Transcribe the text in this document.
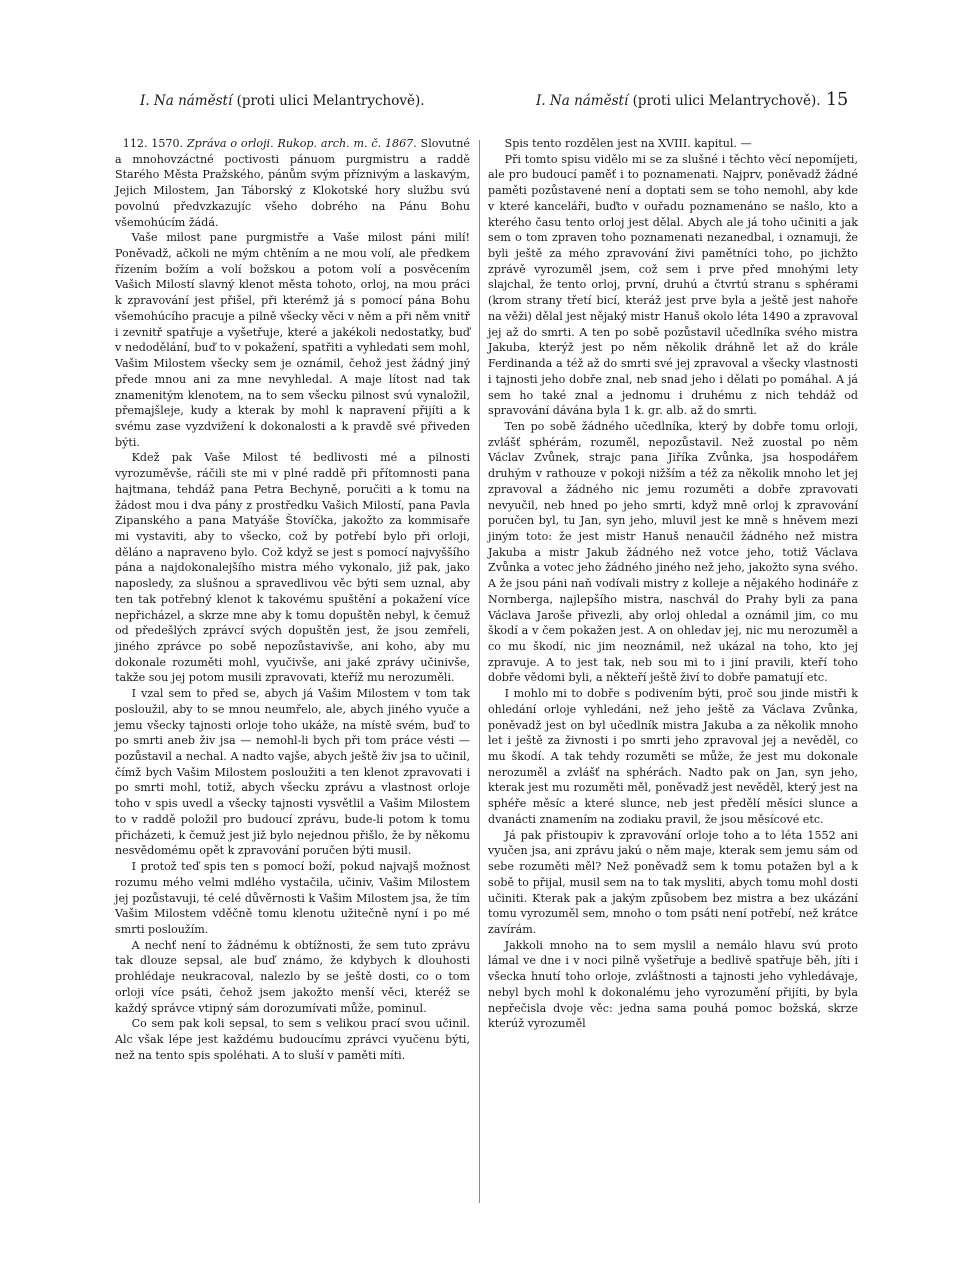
I. Na náměstí (proti ulici Melantrychově).	I. Na náměstí (proti ulici Melantrychově). 15

112. 1570. Zpráva o orloji. Rukop. arch. m. č. 1867. Slovutné a mnohovzáctné poctivosti pánuom purgmistru a raddě Starého Města Pražského, pánům svým příznivým a laskavým, Jejich Milostem, Jan Táborský z Klokotské hory službu svú povolnú předvzkazujíc všeho dobrého na Pánu Bohu všemohúcím žádá.

Vaše milost pane purgmistře a Vaše milost páni milí! Poněvadž, ačkoli ne mým chtěním a ne mou volí, ale předkem řízením božím a volí božskou a potom volí a posvěcením Vašich Milostí slavný klenot města tohoto, orloj, na mou práci k zpravování jest přišel, při kterémž já s pomocí pána Bohu všemohúcího pracuje a pilně všecky věci v něm a při něm vnitř i zevnitř spatřuje a vyšetřuje, které a jakékoli nedostatky, buď v nedodělání, buď to v pokažení, spatřiti a vyhledati sem mohl, Vašim Milostem všecky sem je oznámil, čehož jest žádný jiný přede mnou ani za mne nevyhledal. A maje lítost nad tak znamenitým klenotem, na to sem všecku pilnost svú vynaložil, přemajšleje, kudy a kterak by mohl k napravení přijíti a k svému zase vyzdvižení k dokonalosti a k pravdě své přiveden býti.

Kdež pak Vaše Milost té bedlivosti mé a pilnosti vyrozuměvše, ráčili ste mi v plné raddě při přítomnosti pana hajtmana, tehdáž pana Petra Bechyně, poručiti a k tomu na žádost mou i dva pány z prostředku Vašich Milostí, pana Pavla Zipanského a pana Matyáše Štovíčka, jakožto za kommisaře mi vystaviti, aby to všecko, což by potřebí bylo při orloji, děláno a napraveno bylo. Což když se jest s pomocí najvyššího pána a najdokonalejšího mistra mého vykonalo, již pak, jako naposledy, za slušnou a spravedlivou věc býti sem uznal, aby ten tak potřebný klenot k takovému spuštění a pokažení více nepřicházel, a skrze mne aby k tomu dopuštěn nebyl, k čemuž od předešlých zprávcí svých dopuštěn jest, že jsou zemřeli, jiného zprávce po sobě nepozůstavivše, ani koho, aby mu dokonale rozuměti mohl, vyučivše, ani jaké zprávy učinivše, takže sou jej potom musili zpravovati, kteříž mu nerozuměli.

I vzal sem to před se, abych já Vašim Milostem v tom tak posloužil, aby to se mnou neumřelo, ale, abych jiného vyuče a jemu všecky tajnosti orloje toho ukáže, na místě svém, buď to po smrti aneb živ jsa — nemohl-li bych při tom práce vésti — pozůstavil a nechal. A nadto vajše, abych ještě živ jsa to učinil, čímž bych Vašim Milostem posloužiti a ten klenot zpravovati i po smrti mohl, totiž, abych všecku zprávu a vlastnost orloje toho v spis uvedl a všecky tajnosti vysvětlil a Vašim Milostem to v raddě položil pro budoucí zprávu, bude-li potom k tomu přicházeti, k čemuž jest již bylo nejednou přišlo, že by někomu nesvědomému opět k zpravování poručen býti musil.

I protož teď spis ten s pomocí boží, pokud najvajš možnost rozumu mého velmi mdlého vystačila, učiniv, Vašim Milostem jej pozůstavuji, té celé důvěrnosti k Vašim Milostem jsa, že tím Vašim Milostem vděčně tomu klenotu užitečně nyní i po mé smrti posloužím.

A nechť není to žádnému k obtížnosti, že sem tuto zprávu tak dlouze sepsal, ale buď známo, že kdybych k dlouhosti prohlédaje neukracoval, nalezlo by se ještě dosti, co o tom orloji více psáti, čehož jsem jakožto menší věci, kteréž se každý správce vtipný sám dorozumívati může, pominul.

Co sem pak koli sepsal, to sem s velikou prací svou učinil. Alc však lépe jest každému budoucímu zprávci vyučenu býti, než na tento spis spoléhati. A to sluší v paměti míti.

Spis tento rozdělen jest na XVIII. kapitul. —

Při tomto spisu vidělo mi se za slušné i těchto věcí nepomíjeti, ale pro budoucí paměť i to poznamenati. Najprv, poněvadž žádné paměti pozůstavené není a doptati sem se toho nemohl, aby kde v které kanceláři, buďto v ouřadu poznamenáno se našlo, kto a kterého času tento orloj jest dělal. Abych ale já toho učiniti a jak sem o tom zpraven toho poznamenati nezanedbal, i oznamuji, že byli ještě za mého zpravování živi pamětníci toho, po jichžto zprávě vyrozuměl jsem, což sem i prve před mnohými lety slajchal, že tento orloj, první, druhú a čtvrtú stranu s sphérami (krom strany třetí bicí, kteráž jest prve byla a ještě jest nahoře na věži) dělal jest nějaký mistr Hanuš okolo léta 1490 a zpravoval jej až do smrti. A ten po sobě pozůstavil učedlníka svého mistra Jakuba, kterýž jest po něm několik dráhně let až do krále Ferdinanda a též až do smrti své jej zpravoval a všecky vlastnosti i tajnosti jeho dobře znal, neb snad jeho i dělati po pomáhal. A já sem ho také znal a jednomu i druhému z nich tehdáž od spravování dávána byla 1 k. gr. alb. až do smrti.

Ten po sobě žádného učedlníka, který by dobře tomu orloji, zvlášť sphérám, rozuměl, nepozůstavil. Než zuostal po něm Václav Zvůnek, strajc pana Jiříka Zvůnka, jsa hospodářem druhým v rathouze v pokoji nižším a též za několik mnoho let jej zpravoval a žádného nic jemu rozuměti a dobře zpravovati nevyučil, neb hned po jeho smrti, když mně orloj k zpravování poručen byl, tu Jan, syn jeho, mluvil jest ke mně s hněvem mezi jiným toto: že jest mistr Hanuš nenaučil žádného než mistra Jakuba a mistr Jakub žádného než votce jeho, totiž Václava Zvůnka a votec jeho žádného jiného než jeho, jakožto syna svého. A že jsou páni naň vodívali mistry z kolleje a nějakého hodináře z Nornberga, najlepšího mistra, naschvál do Prahy byli za pana Václava Jaroše přivezli, aby orloj ohledal a oznámil jim, co mu škodí a v čem pokažen jest. A on ohledav jej, nic mu nerozuměl a co mu škodí, nic jim neoznámil, než ukázal na toho, kto jej zpravuje. A to jest tak, neb sou mi to i jiní pravili, kteří toho dobře vědomi byli, a někteří ještě živí to dobře pamatují etc.

I mohlo mi to dobře s podivením býti, proč sou jinde mistři k ohledání orloje vyhledáni, než jeho ještě za Václava Zvůnka, poněvadž jest on byl učedlník mistra Jakuba a za několik mnoho let i ještě za živnosti i po smrti jeho zpravoval jej a nevěděl, co mu škodí. A tak tehdy rozuměti se může, že jest mu dokonale nerozuměl a zvlášť na sphérách. Nadto pak on Jan, syn jeho, kterak jest mu rozuměti měl, poněvadž jest nevěděl, který jest na sphéře měsíc a které slunce, neb jest předělí měsíci slunce a dvanácti znamením na zodiaku pravil, že jsou měsícové etc.

Já pak přistoupiv k zpravování orloje toho a to léta 1552 ani vyučen jsa, ani zprávu jakú o něm maje, kterak sem jemu sám od sebe rozuměti měl? Než poněvadž sem k tomu potažen byl a k sobě to přijal, musil sem na to tak mysliti, abych tomu mohl dosti učiniti. Kterak pak a jakým způsobem bez mistra a bez ukázání tomu vyrozuměl sem, mnoho o tom psáti není potřebí, než krátce zavírám.

Jakkoli mnoho na to sem myslil a nemálo hlavu svú proto lámal ve dne i v noci pilně vyšetřuje a bedlivě spatřuje běh, jíti i všecka hnutí toho orloje, zvláštnosti a tajnosti jeho vyhledávaje, nebyl bych mohl k dokonalému jeho vyrozumění přijíti, by byla nepřečisla dvoje věc: jedna sama pouhá pomoc božská, skrze kterúž vyrozuměl
